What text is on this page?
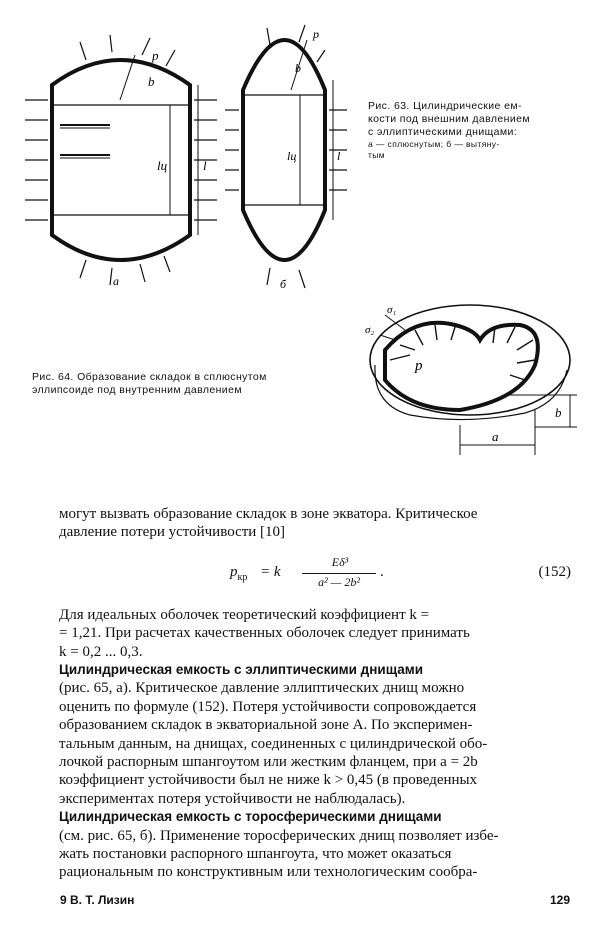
b
p
lц	l
а
b
p
lц	l
б
Рис. 63. Цилиндрические ем-
кости под внешним давлением
с эллиптическими днищами:
а — сплюснутым; б — вытяну-
тым
p
σ₁
σ₂
a
b
Рис. 64. Образование складок в сплюснутом
эллипсоиде под внутренним давлением
могут вызвать образование складок в зоне экватора. Критическое
давление потери устойчивости [10]
$p_{кр} = k$
Eδ³
a² — 2b²
.	(152)
Для идеальных оболочек теоретический коэффициент k =
= 1,21. При расчетах качественных оболочек следует принимать
k = 0,2 ... 0,3.
Цилиндрическая емкость с эллиптическими днищами
(рис. 65, а). Критическое давление эллиптических днищ можно
оценить по формуле (152). Потеря устойчивости сопровождается
образованием складок в экваториальной зоне A. По эксперимен-
тальным данным, на днищах, соединенных с цилиндрической обо-
лочкой распорным шпангоутом или жестким фланцем, при a = 2b
коэффициент устойчивости был не ниже k > 0,45 (в проведенных
экспериментах потеря устойчивости не наблюдалась).
Цилиндрическая емкость с торосферическими днищами
(см. рис. 65, б). Применение торосферических днищ позволяет избе-
жать постановки распорного шпангоута, что может оказаться
рациональным по конструктивным или технологическим сообра-
9 В. Т. Лизин	129
